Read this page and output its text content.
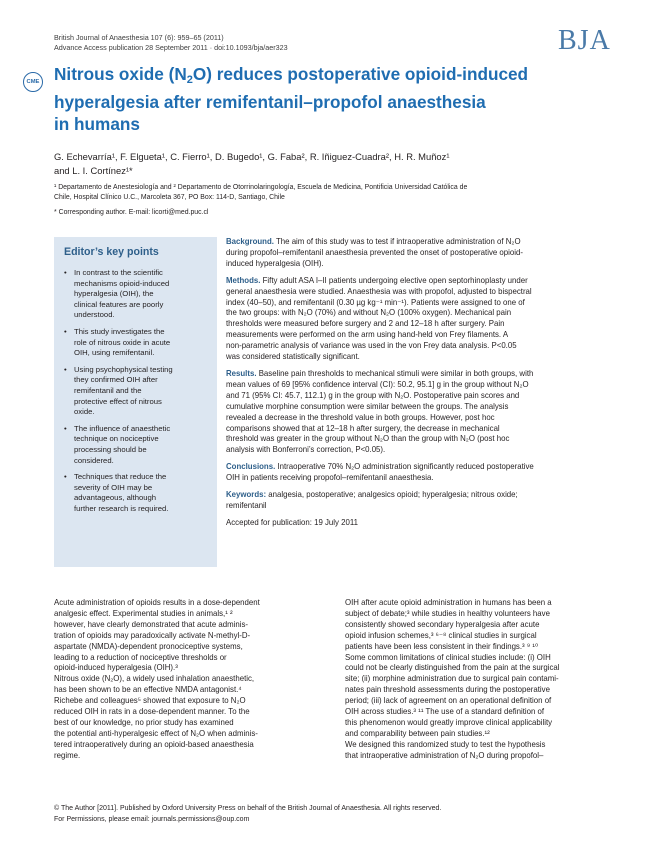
British Journal of Anaesthesia 107 (6): 959–65 (2011)
Advance Access publication 28 September 2011 · doi:10.1093/bja/aer323	BJA
CME Nitrous oxide $(N_2O)$ reduces postoperative opioid-induced
hyperalgesia after remifentanil–propofol anaesthesia
in humans
G. Echevarría¹, F. Elgueta¹, C. Fierro¹, D. Bugedo¹, G. Faba², R. Iñiguez-Cuadra², H. R. Muñoz¹
and L. I. Cortínez¹*
¹ Departamento de Anestesiología and ² Departamento de Otorrinolaringología, Escuela de Medicina, Pontificia Universidad Católica de
Chile, Hospital Clínico U.C., Marcoleta 367, PO Box: 114-D, Santiago, Chile
* Corresponding author. E-mail: licorti@med.puc.cl
Editor’s key points
• In contrast to the scientific
mechanisms opioid-induced
hyperalgesia (OIH), the
clinical features are poorly
understood.
• This study investigates the
role of nitrous oxide in acute
OIH, using remifentanil.
• Using psychophysical testing
they confirmed OIH after
remifentanil and the
protective effect of nitrous
oxide.
• The influence of anaesthetic
technique on nociceptive
processing should be
considered.
• Techniques that reduce the
severity of OIH may be
advantageous, although
further research is required.
Background. The aim of this study was to test if intraoperative administration of N₂O
during propofol–remifentanil anaesthesia prevented the onset of postoperative opioid-
induced hyperalgesia (OIH).
Methods. Fifty adult ASA I–II patients undergoing elective open septorhinoplasty under
general anaesthesia were studied. Anaesthesia was with propofol, adjusted to bispectral
index (40–50), and remifentanil (0.30 µg kg⁻¹ min⁻¹). Patients were assigned to one of
the two groups: with N₂O (70%) and without N₂O (100% oxygen). Mechanical pain
thresholds were measured before surgery and 2 and 12–18 h after surgery. Pain
measurements were performed on the arm using hand-held von Frey filaments. A
non-parametric analysis of variance was used in the von Frey data analysis. P<0.05
was considered statistically significant.
Results. Baseline pain thresholds to mechanical stimuli were similar in both groups, with
mean values of 69 [95% confidence interval (CI): 50.2, 95.1] g in the group without N₂O
and 71 (95% CI: 45.7, 112.1) g in the group with N₂O. Postoperative pain scores and
cumulative morphine consumption were similar between the groups. The analysis
revealed a decrease in the threshold value in both groups. However, post hoc
comparisons showed that at 12–18 h after surgery, the decrease in mechanical
threshold was greater in the group without N₂O than the group with N₂O (post hoc
analysis with Bonferroni’s correction, P<0.05).
Conclusions. Intraoperative 70% N₂O administration significantly reduced postoperative
OIH in patients receiving propofol–remifentanil anaesthesia.
Keywords: analgesia, postoperative; analgesics opioid; hyperalgesia; nitrous oxide;
remifentanil
Accepted for publication: 19 July 2011
Acute administration of opioids results in a dose-dependent
analgesic effect. Experimental studies in animals,¹ ²
however, have clearly demonstrated that acute adminis-
tration of opioids may paradoxically activate N-methyl-D-
aspartate (NMDA)-dependent pronociceptive systems,
leading to a reduction of nociceptive thresholds or
opioid-induced hyperalgesia (OIH).³
Nitrous oxide (N₂O), a widely used inhalation anaesthetic,
has been shown to be an effective NMDA antagonist.⁴
Richebe and colleagues⁵ showed that exposure to N₂O
reduced OIH in rats in a dose-dependent manner. To the
best of our knowledge, no prior study has examined
the potential anti-hyperalgesic effect of N₂O when adminis-
tered intraoperatively during an opioid-based anaesthesia
regime.
OIH after acute opioid administration in humans has been a
subject of debate;³ while studies in healthy volunteers have
consistently showed secondary hyperalgesia after acute
opioid infusion schemes,³ ⁶⁻⁸ clinical studies in surgical
patients have been less consistent in their findings.³ ⁹ ¹⁰
Some common limitations of clinical studies include: (i) OIH
could not be clearly distinguished from the pain at the surgical
site; (ii) morphine administration due to surgical pain contami-
nates pain threshold assessments during the postoperative
period; (iii) lack of agreement on an operational definition of
OIH across studies.³ ¹¹ The use of a standard definition of
this phenomenon would greatly improve clinical applicability
and comparability between pain studies.¹²
We designed this randomized study to test the hypothesis
that intraoperative administration of N₂O during propofol–
© The Author [2011]. Published by Oxford University Press on behalf of the British Journal of Anaesthesia. All rights reserved.
For Permissions, please email: journals.permissions@oup.com
